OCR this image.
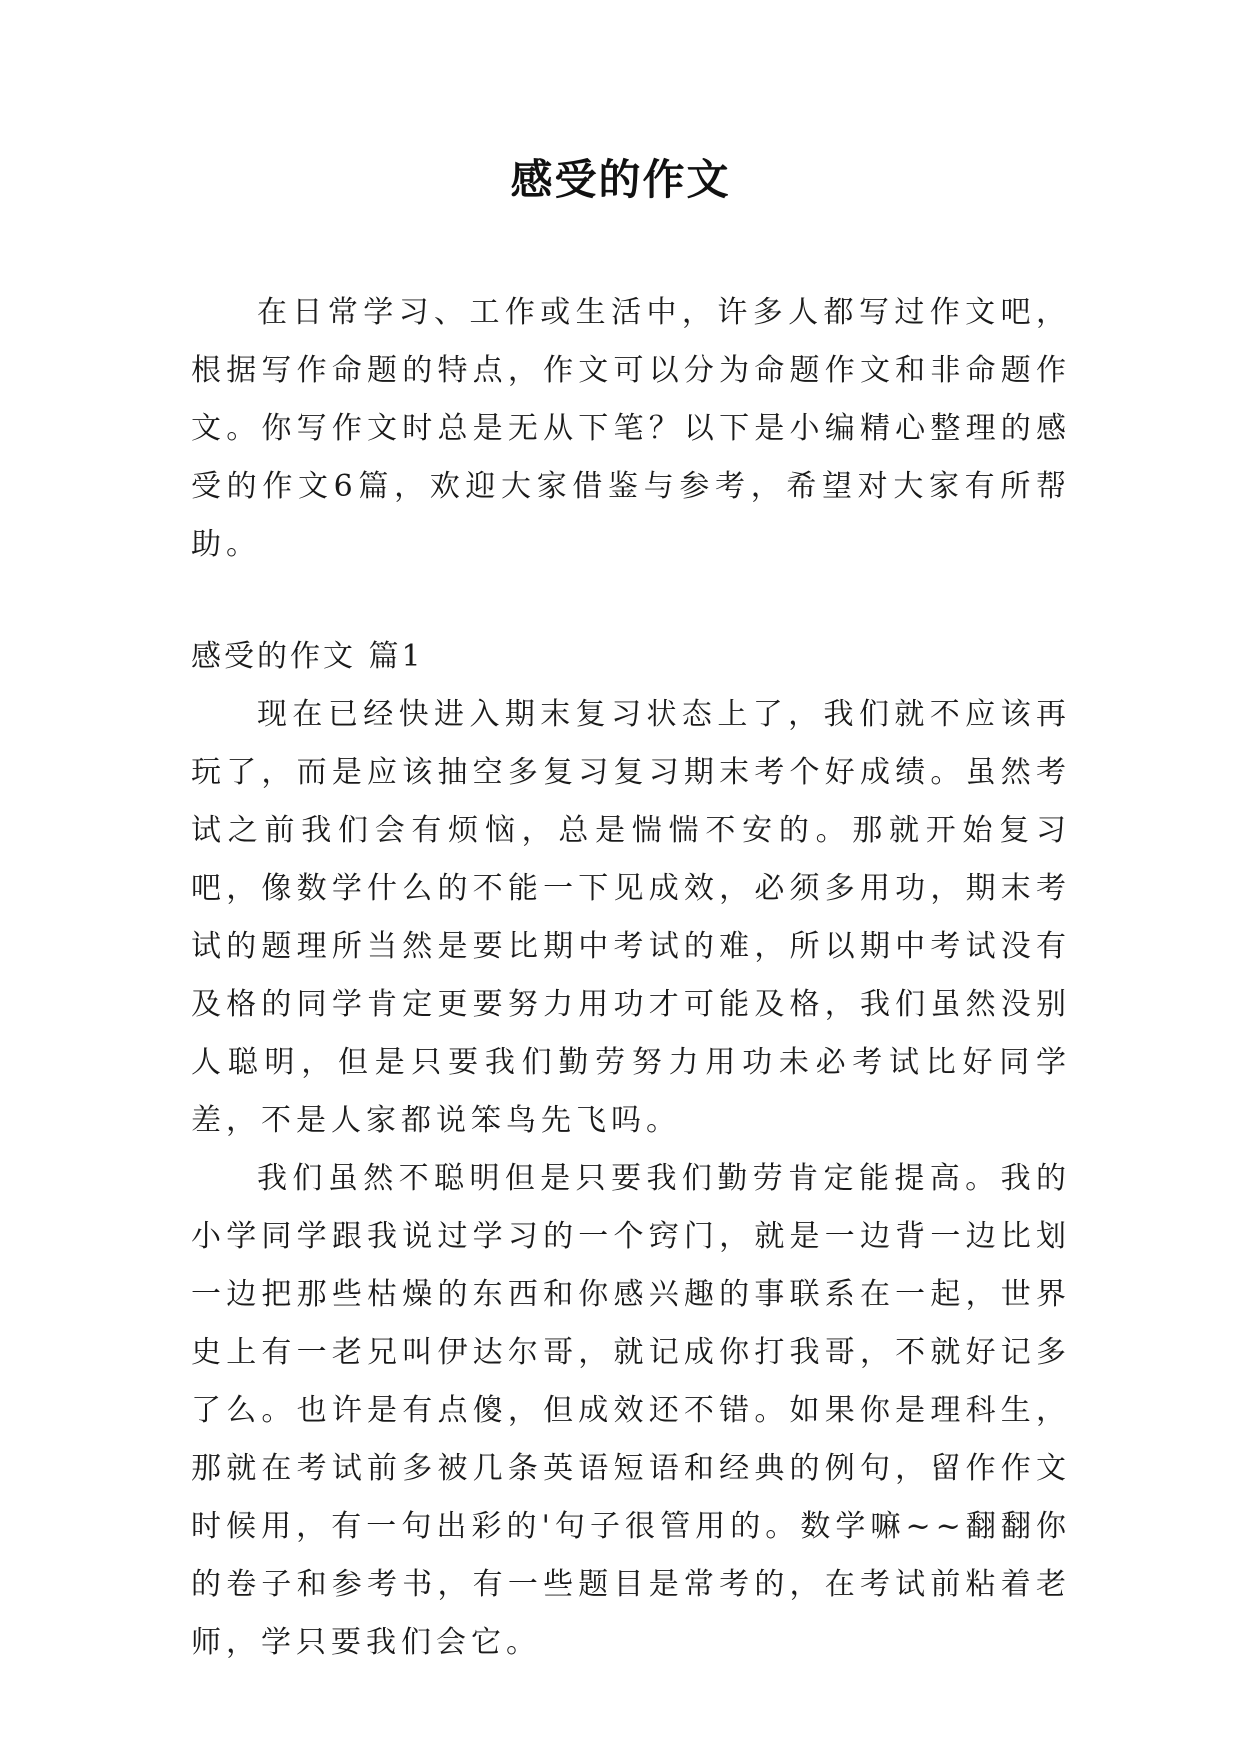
感受的作文

在日常学习、工作或生活中，许多人都写过作文吧，根据写作命题的特点，作文可以分为命题作文和非命题作文。你写作文时总是无从下笔？以下是小编精心整理的感受的作文6篇，欢迎大家借鉴与参考，希望对大家有所帮助。

感受的作文 篇1

现在已经快进入期末复习状态上了，我们就不应该再玩了，而是应该抽空多复习复习期末考个好成绩。虽然考试之前我们会有烦恼，总是惴惴不安的。那就开始复习吧，像数学什么的不能一下见成效，必须多用功，期末考试的题理所当然是要比期中考试的难，所以期中考试没有及格的同学肯定更要努力用功才可能及格，我们虽然没别人聪明，但是只要我们勤劳努力用功未必考试比好同学差，不是人家都说笨鸟先飞吗。

我们虽然不聪明但是只要我们勤劳肯定能提高。我的小学同学跟我说过学习的一个窍门，就是一边背一边比划一边把那些枯燥的东西和你感兴趣的事联系在一起，世界史上有一老兄叫伊达尔哥，就记成你打我哥，不就好记多了么。也许是有点傻，但成效还不错。如果你是理科生，那就在考试前多被几条英语短语和经典的例句，留作作文时候用，有一句出彩的'句子很管用的。数学嘛~~翻翻你的卷子和参考书，有一些题目是常考的，在考试前粘着老师，学只要我们会它。
